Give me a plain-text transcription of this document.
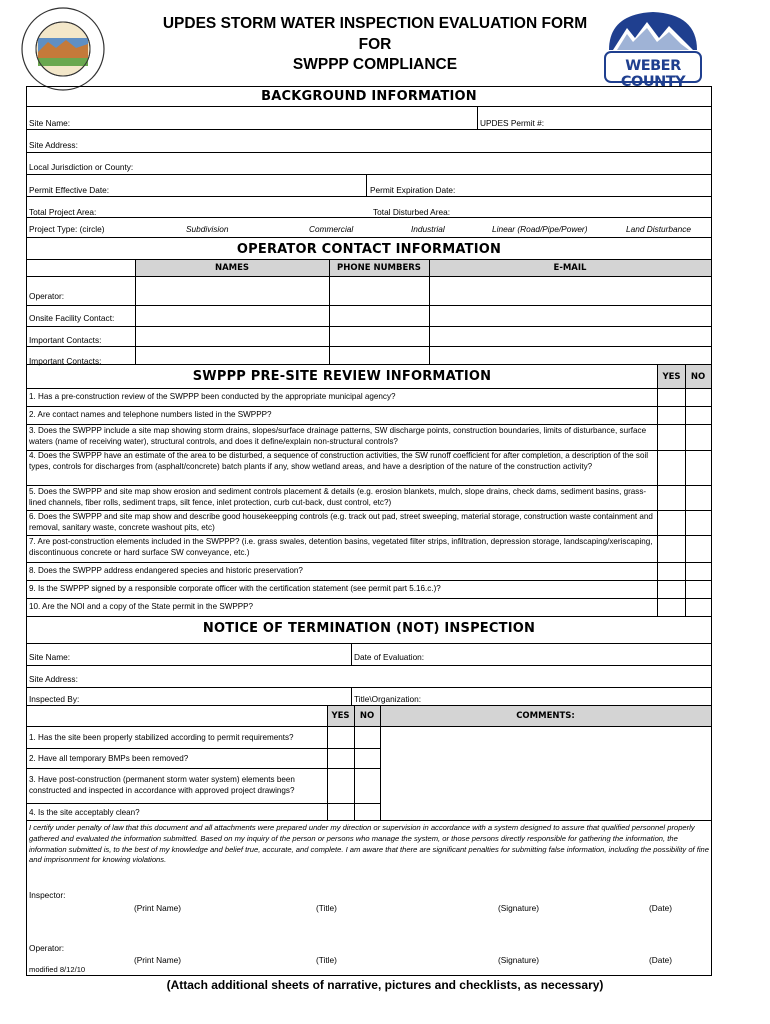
UPDES STORM WATER INSPECTION EVALUATION FORM
FOR
SWPPP COMPLIANCE	WEBER COUNTY
BACKGROUND INFORMATION
Site Name:	UPDES Permit #:
Site Address:
Local Jurisdiction or County:
Permit Effective Date:	Permit Expiration Date:
Total Project Area:	Total Disturbed Area:
Project Type: (circle)	Subdivision	Commercial	Industrial	Linear (Road/Pipe/Power)	Land Disturbance
OPERATOR CONTACT INFORMATION
NAMES	PHONE NUMBERS	E-MAIL
Operator:
Onsite Facility Contact:
Important Contacts:
Important Contacts:
SWPPP PRE-SITE REVIEW INFORMATION	YES	NO
1. Has a pre-construction review of the SWPPP been conducted by the appropriate municipal agency?
2. Are contact names and telephone numbers listed in the SWPPP?
3. Does the SWPPP include a site map showing storm drains, slopes/surface drainage patterns, SW discharge points, construction boundaries, limits of disturbance, surface waters (name of receiving water), structural controls, and does it define/explain non-structural controls?
4. Does the SWPPP have an estimate of the area to be disturbed, a sequence of construction activities, the SW runoff coefficient for after completion, a description of the soil types, controls for discharges from (asphalt/concrete) batch plants if any, show wetland areas, and have a desription of the nature of the construction activity?
5. Does the SWPPP and site map show erosion and sediment controls placement & details (e.g. erosion blankets, mulch, slope drains, check dams, sediment basins, grass-lined channels, fiber rolls, sediment traps, silt fence, inlet protection, curb cut-back, dust control, etc?)
6. Does the SWPPP and site map show and describe good housekeepping controls (e.g. track out pad, street sweeping, material storage, construction waste containment and removal, sanitary waste, concrete washout pits, etc)
7. Are post-construction elements included in the SWPPP? (i.e. grass swales, detention basins, vegetated filter strips, infiltration, depression storage, landscaping/xeriscaping, discontinuous concrete or hard surface SW conveyance, etc.)
8. Does the SWPPP address endangered species and historic preservation?
9. Is the SWPPP signed by a responsible corporate officer with the certification statement (see permit part 5.16.c.)?
10. Are the NOI and a copy of the State permit in the SWPPP?
NOTICE OF TERMINATION (NOT) INSPECTION
Site Name:	Date of Evaluation:
Site Address:
Inspected By:	Title\Organization:
YES	NO	COMMENTS:
1. Has the site been properly stabilized according to permit requirements?
2. Have all temporary BMPs been removed?
3. Have post-construction (permanent storm water system) elements been constructed and inspected in accordance with approved project drawings?
4. Is the site acceptably clean?
I certify under penalty of law that this document and all attachments were prepared under my direction or supervision in accordance with a system designed to assure that qualified personnel properly gathered and evaluated the information submitted. Based on my inquiry of the person or persons who manage the system, or those persons directly responsible for gathering the information, the information submitted is, to the best of my knowledge and belief true, accurate, and complete. I am aware that there are significant penalties for submitting false information, including the possibility of fine and imprisonment for knowing violations.
Inspector:
(Print Name)	(Title)	(Signature)	(Date)
Operator:
(Print Name)	(Title)	(Signature)	(Date)
modified 8/12/10
(Attach additional sheets of narrative, pictures and checklists, as necessary)
